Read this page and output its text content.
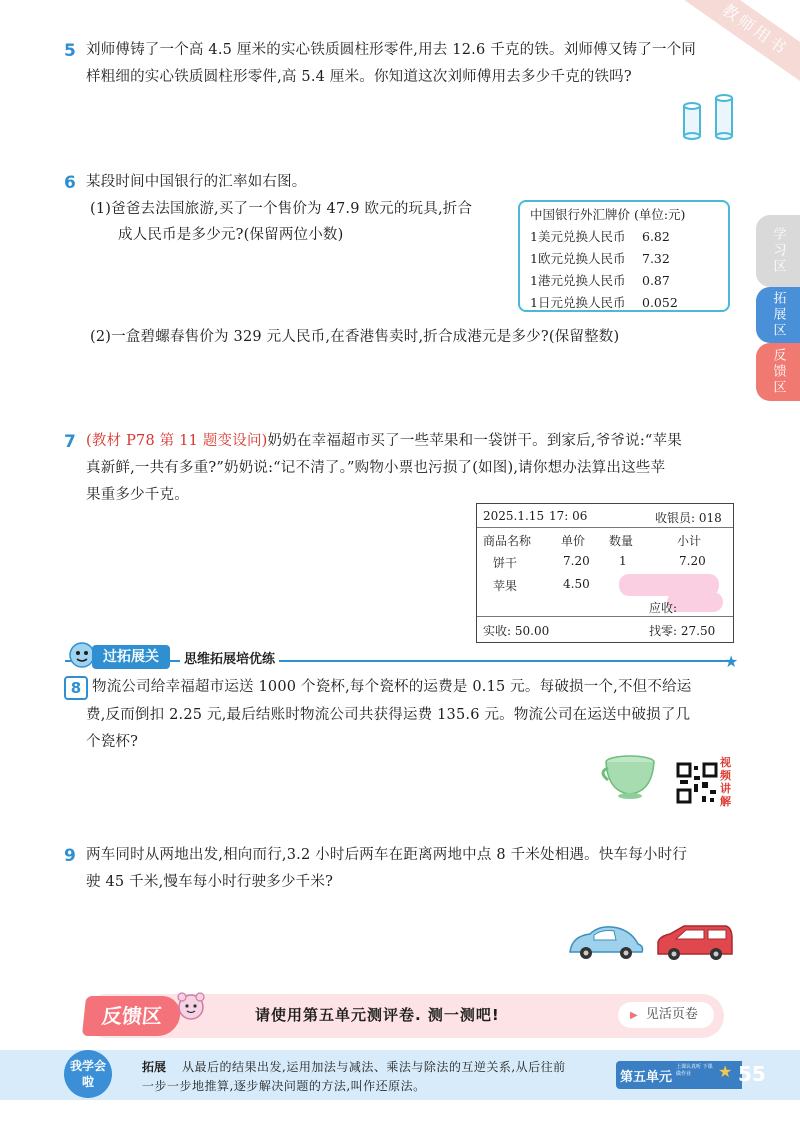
教师用书
学习区
拓展区
反馈区
5 刘师傅铸了一个高 4.5 厘米的实心铁质圆柱形零件,用去 12.6 千克的铁。刘师傅又铸了一个同
样粗细的实心铁质圆柱形零件,高 5.4 厘米。你知道这次刘师傅用去多少千克的铁吗?
6 某段时间中国银行的汇率如右图。
(1)爸爸去法国旅游,买了一个售价为 47.9 欧元的玩具,折合
成人民币是多少元?(保留两位小数)
中国银行外汇牌价 (单位:元)
1美元兑换人民币 6.82
1欧元兑换人民币 7.32
1港元兑换人民币 0.87
1日元兑换人民币 0.052
(2)一盒碧螺春售价为 329 元人民币,在香港售卖时,折合成港元是多少?(保留整数)
7 (教材 P78 第 11 题变设问)奶奶在幸福超市买了一些苹果和一袋饼干。到家后,爷爷说:“苹果
真新鲜,一共有多重?”奶奶说:“记不清了。”购物小票也污损了(如图),请你想办法算出这些苹
果重多少千克。
2025.1.15 17: 06	收银员: 018
商品名称 单价 数量	小计
饼干	7.20 1	7.20
苹果	4.50
应收:
实收: 50.00	找零: 27.50
过拓展关	思维拓展培优练	★
8 物流公司给幸福超市运送 1000 个瓷杯,每个瓷杯的运费是 0.15 元。每破损一个,不但不给运
费,反而倒扣 2.25 元,最后结账时物流公司共获得运费 135.6 元。物流公司在运送中破损了几
个瓷杯?
视频讲解
9 两车同时从两地出发,相向而行,3.2 小时后两车在距离两地中点 8 千米处相遇。快车每小时行
驶 45 千米,慢车每小时行驶多少千米?
反馈区	请使用第五单元测评卷. 测一测吧!	▶ 见活页卷
我学会啦
拓展 从最后的结果出发,运用加法与减法、乘法与除法的互逆关系,从后往前
一步一步地推算,逐步解决问题的方法,叫作还原法。
第五单元
上课认真听 下课做作业	★ 55
